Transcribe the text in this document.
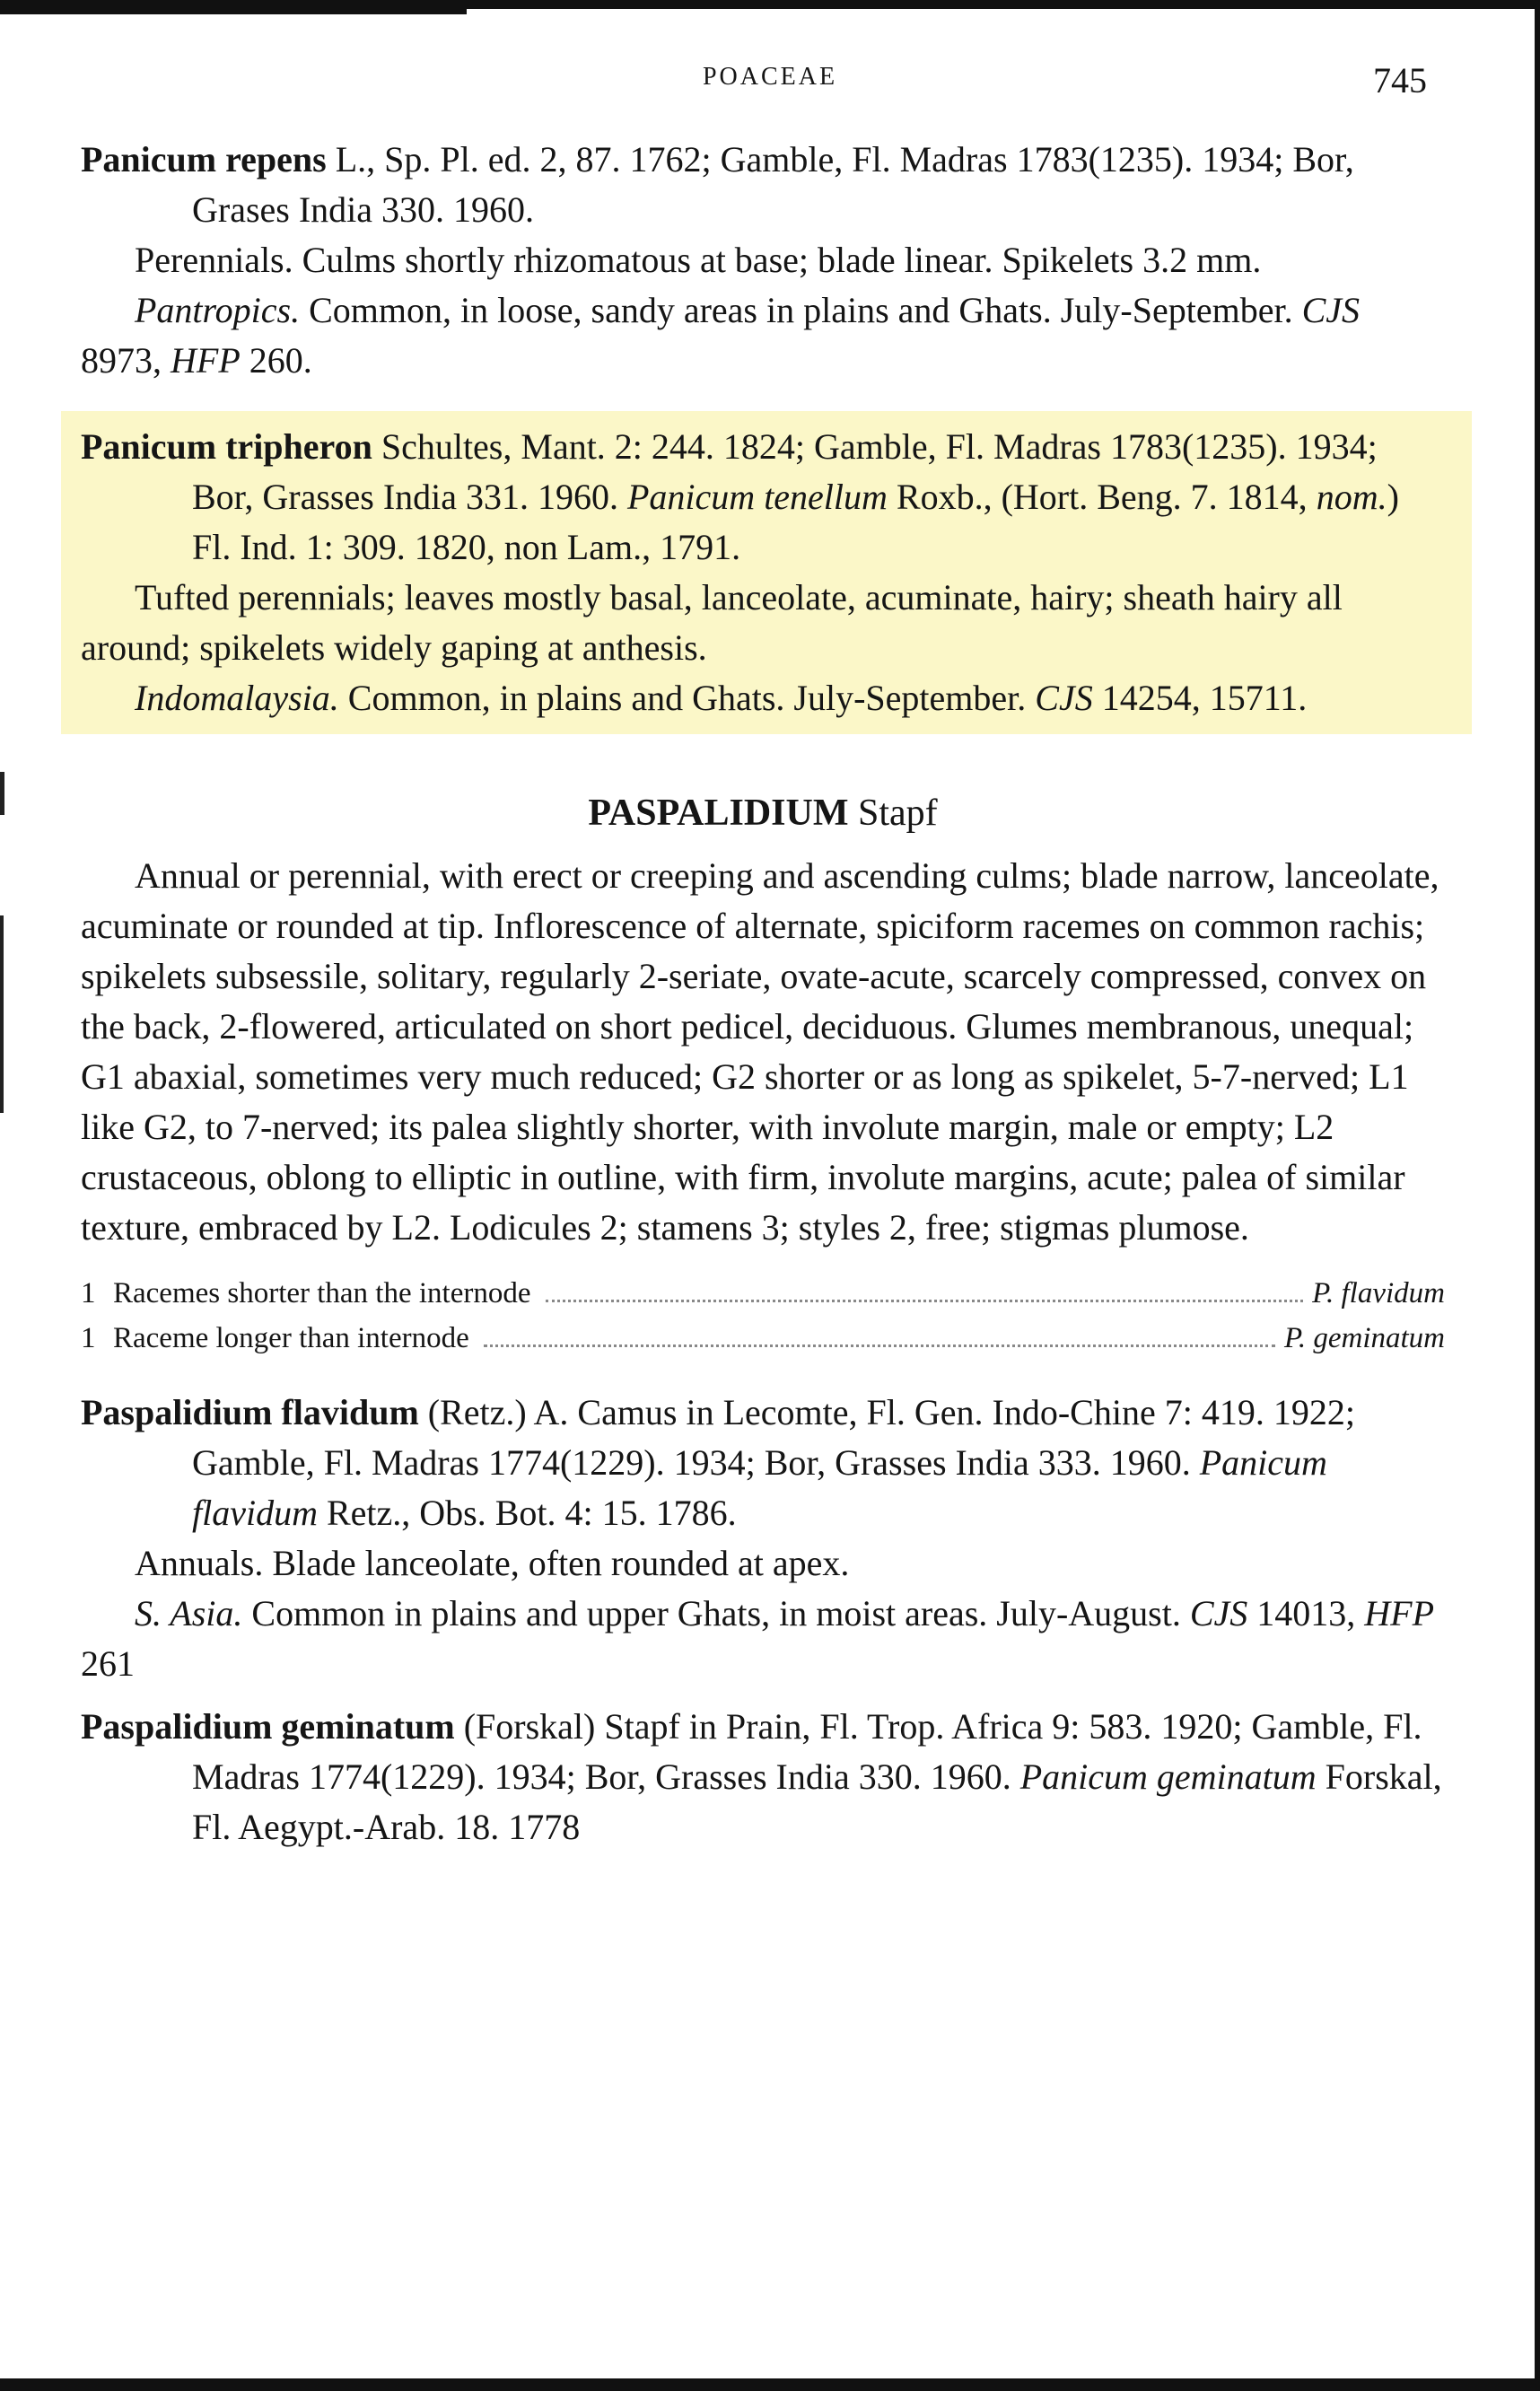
POACEAE	745

Panicum repens L., Sp. Pl. ed. 2, 87. 1762; Gamble, Fl. Madras 1783(1235). 1934; Bor, Grases India 330. 1960.

Perennials. Culms shortly rhizomatous at base; blade linear. Spikelets 3.2 mm.

Pantropics. Common, in loose, sandy areas in plains and Ghats. July-September. CJS 8973, HFP 260.

Panicum tripheron Schultes, Mant. 2: 244. 1824; Gamble, Fl. Madras 1783(1235). 1934; Bor, Grasses India 331. 1960. Panicum tenellum Roxb., (Hort. Beng. 7. 1814, nom.) Fl. Ind. 1: 309. 1820, non Lam., 1791.

Tufted perennials; leaves mostly basal, lanceolate, acuminate, hairy; sheath hairy all around; spikelets widely gaping at anthesis.

Indomalaysia. Common, in plains and Ghats. July-September. CJS 14254, 15711.

PASPALIDIUM Stapf

Annual or perennial, with erect or creeping and ascending culms; blade narrow, lanceolate, acuminate or rounded at tip. Inflorescence of alternate, spiciform racemes on common rachis; spikelets subsessile, solitary, regularly 2-seriate, ovate-acute, scarcely compressed, convex on the back, 2-flowered, articulated on short pedicel, deciduous. Glumes membranous, unequal; G1 abaxial, sometimes very much reduced; G2 shorter or as long as spikelet, 5-7-nerved; L1 like G2, to 7-nerved; its palea slightly shorter, with involute margin, male or empty; L2 crustaceous, oblong to elliptic in outline, with firm, involute margins, acute; palea of similar texture, embraced by L2. Lodicules 2; stamens 3; styles 2, free; stigmas plumose.

1 Racemes shorter than the internode	P. flavidum
1 Raceme longer than internode	P. geminatum

Paspalidium flavidum (Retz.) A. Camus in Lecomte, Fl. Gen. Indo-Chine 7: 419. 1922; Gamble, Fl. Madras 1774(1229). 1934; Bor, Grasses India 333. 1960. Panicum flavidum Retz., Obs. Bot. 4: 15. 1786.

Annuals. Blade lanceolate, often rounded at apex.

S. Asia. Common in plains and upper Ghats, in moist areas. July-August. CJS 14013, HFP 261

Paspalidium geminatum (Forskal) Stapf in Prain, Fl. Trop. Africa 9: 583. 1920; Gamble, Fl. Madras 1774(1229). 1934; Bor, Grasses India 330. 1960. Panicum geminatum Forskal, Fl. Aegypt.-Arab. 18. 1778
